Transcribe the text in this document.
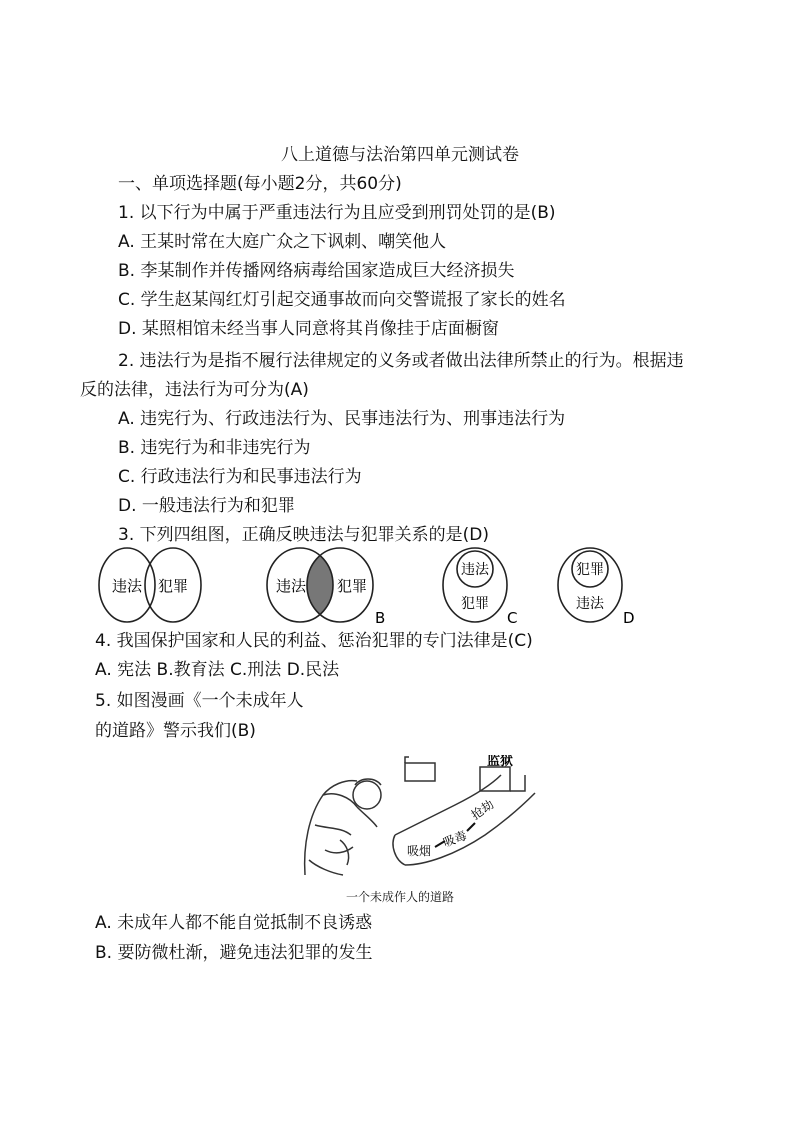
八上道德与法治第四单元测试卷
一、单项选择题(每小题2分，共60分)
1. 以下行为中属于严重违法行为且应受到刑罚处罚的是(B)
A. 王某时常在大庭广众之下讽刺、嘲笑他人
B. 李某制作并传播网络病毒给国家造成巨大经济损失
C. 学生赵某闯红灯引起交通事故而向交警谎报了家长的姓名
D. 某照相馆未经当事人同意将其肖像挂于店面橱窗
2. 违法行为是指不履行法律规定的义务或者做出法律所禁止的行为。根据违
反的法律，违法行为可分为(A)
A. 违宪行为、行政违法行为、民事违法行为、刑事违法行为
B. 违宪行为和非违宪行为
C. 行政违法行为和民事违法行为
D. 一般违法行为和犯罪
3. 下列四组图，正确反映违法与犯罪关系的是(D)
违法 犯罪	违法 犯罪
B
违法
犯罪
C
犯罪
违法
D
4. 我国保护国家和人民的利益、惩治犯罪的专门法律是(C)
A. 宪法 B.教育法 C.刑法 D.民法
5. 如图漫画《一个未成年人
的道路》警示我们(B)
监狱
吸烟
吸毒
抢劫
一个未成作人的道路
A. 未成年人都不能自觉抵制不良诱惑
B. 要防微杜渐，避免违法犯罪的发生
